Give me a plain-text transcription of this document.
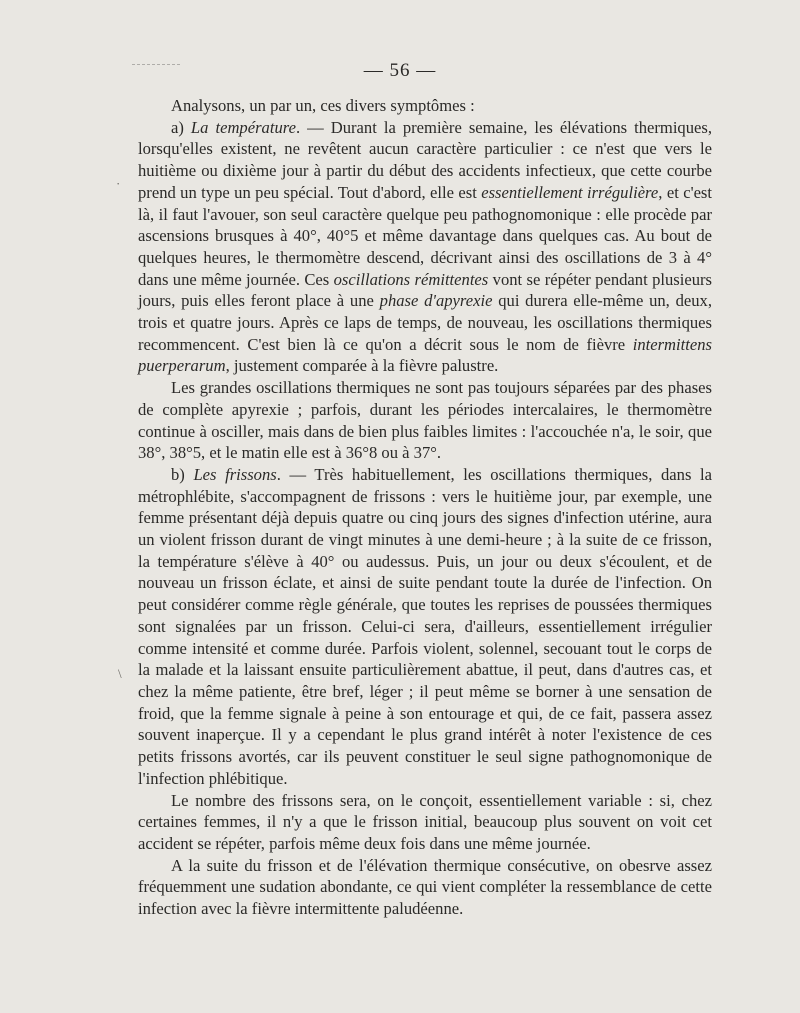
·
\
— 56 —

Analysons, un par un, ces divers symptômes :

a) La température. — Durant la première semaine, les élévations thermiques, lorsqu'elles existent, ne revêtent aucun caractère particulier : ce n'est que vers le huitième ou dixième jour à partir du début des accidents infectieux, que cette courbe prend un type un peu spécial. Tout d'abord, elle est essentiellement irrégulière, et c'est là, il faut l'avouer, son seul caractère quelque peu pathognomonique : elle procède par ascensions brusques à 40°, 40°5 et même davantage dans quelques cas. Au bout de quelques heures, le thermomètre descend, décrivant ainsi des oscillations de 3 à 4° dans une même journée. Ces oscillations rémittentes vont se répéter pendant plusieurs jours, puis elles feront place à une phase d'apyrexie qui durera elle-même un, deux, trois et quatre jours. Après ce laps de temps, de nouveau, les oscillations thermiques recommencent. C'est bien là ce qu'on a décrit sous le nom de fièvre intermittens puerperarum, justement comparée à la fièvre palustre.

Les grandes oscillations thermiques ne sont pas toujours séparées par des phases de complète apyrexie ; parfois, durant les périodes intercalaires, le thermomètre continue à osciller, mais dans de bien plus faibles limites : l'accouchée n'a, le soir, que 38°, 38°5, et le matin elle est à 36°8 ou à 37°.

b) Les frissons. — Très habituellement, les oscillations thermiques, dans la métrophlébite, s'accompagnent de frissons : vers le huitième jour, par exemple, une femme présentant déjà depuis quatre ou cinq jours des signes d'infection utérine, aura un violent frisson durant de vingt minutes à une demi-heure ; à la suite de ce frisson, la température s'élève à 40° ou audessus. Puis, un jour ou deux s'écoulent, et de nouveau un frisson éclate, et ainsi de suite pendant toute la durée de l'infection. On peut considérer comme règle générale, que toutes les reprises de poussées thermiques sont signalées par un frisson. Celui-ci sera, d'ailleurs, essentiellement irrégulier comme intensité et comme durée. Parfois violent, solennel, secouant tout le corps de la malade et la laissant ensuite particulièrement abattue, il peut, dans d'autres cas, et chez la même patiente, être bref, léger ; il peut même se borner à une sensation de froid, que la femme signale à peine à son entourage et qui, de ce fait, passera assez souvent inaperçue. Il y a cependant le plus grand intérêt à noter l'existence de ces petits frissons avortés, car ils peuvent constituer le seul signe pathognomonique de l'infection phlébitique.

Le nombre des frissons sera, on le conçoit, essentiellement variable : si, chez certaines femmes, il n'y a que le frisson initial, beaucoup plus souvent on voit cet accident se répéter, parfois même deux fois dans une même journée.

A la suite du frisson et de l'élévation thermique consécutive, on obesrve assez fréquemment une sudation abondante, ce qui vient compléter la ressemblance de cette infection avec la fièvre intermittente paludéenne.
